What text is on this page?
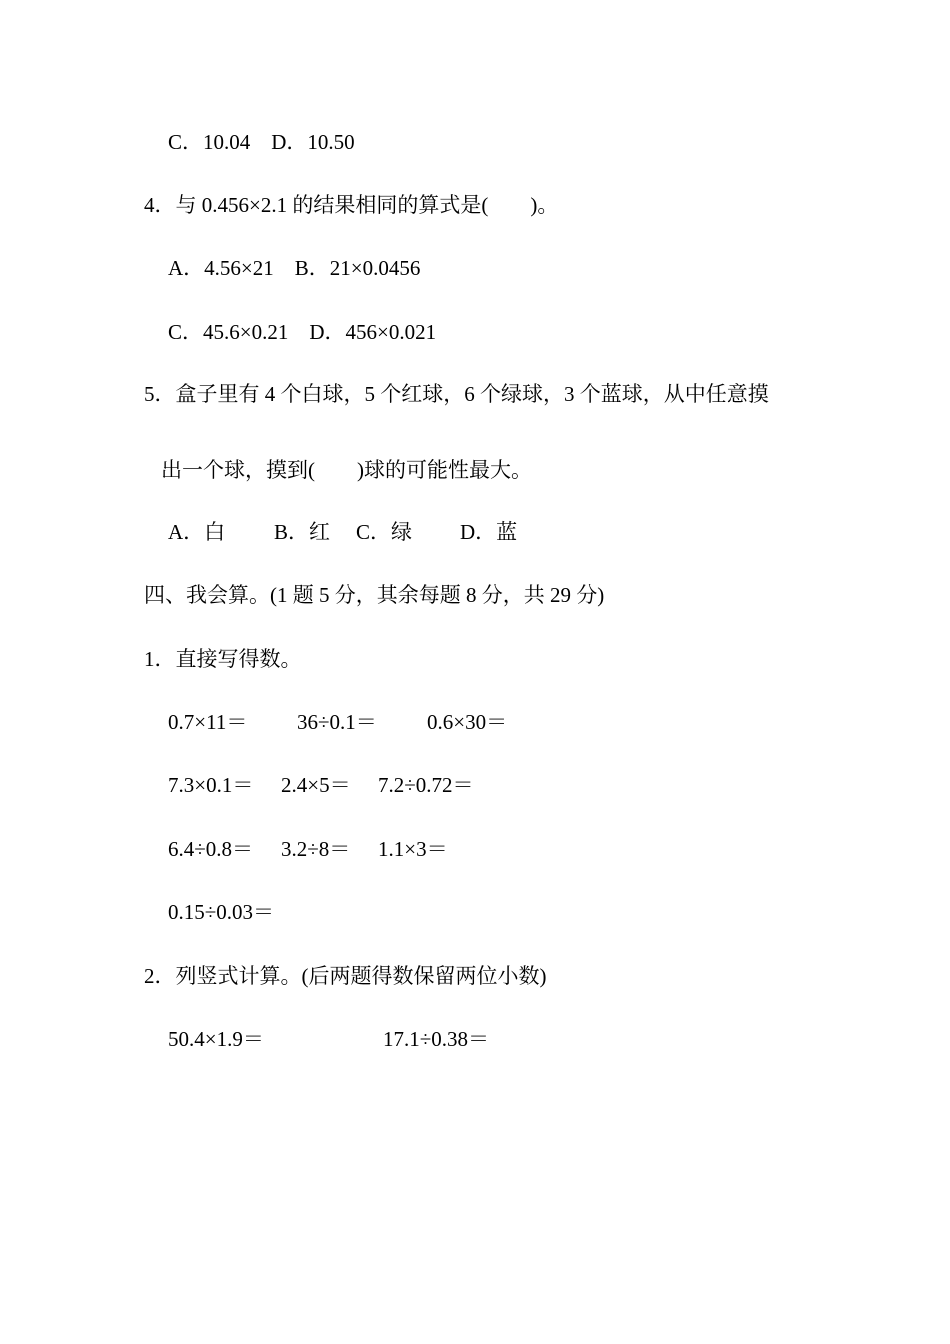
C．10.04　D．10.50
4．与 0.456×2.1 的结果相同的算式是(　　)。
A．4.56×21　B．21×0.0456
C．45.6×0.21　D．456×0.021
5．盒子里有 4 个白球，5 个红球，6 个绿球，3 个蓝球，从中任意摸
出一个球，摸到(　　)球的可能性最大。
A．白 B．红 C．绿 D．蓝
四、我会算。(1 题 5 分，其余每题 8 分，共 29 分)
1．直接写得数。
0.7×11＝ 36÷0.1＝ 0.6×30＝
7.3×0.1＝ 2.4×5＝ 7.2÷0.72＝
6.4÷0.8＝ 3.2÷8＝ 1.1×3＝
0.15÷0.03＝
2．列竖式计算。(后两题得数保留两位小数)
50.4×1.9＝	17.1÷0.38＝
